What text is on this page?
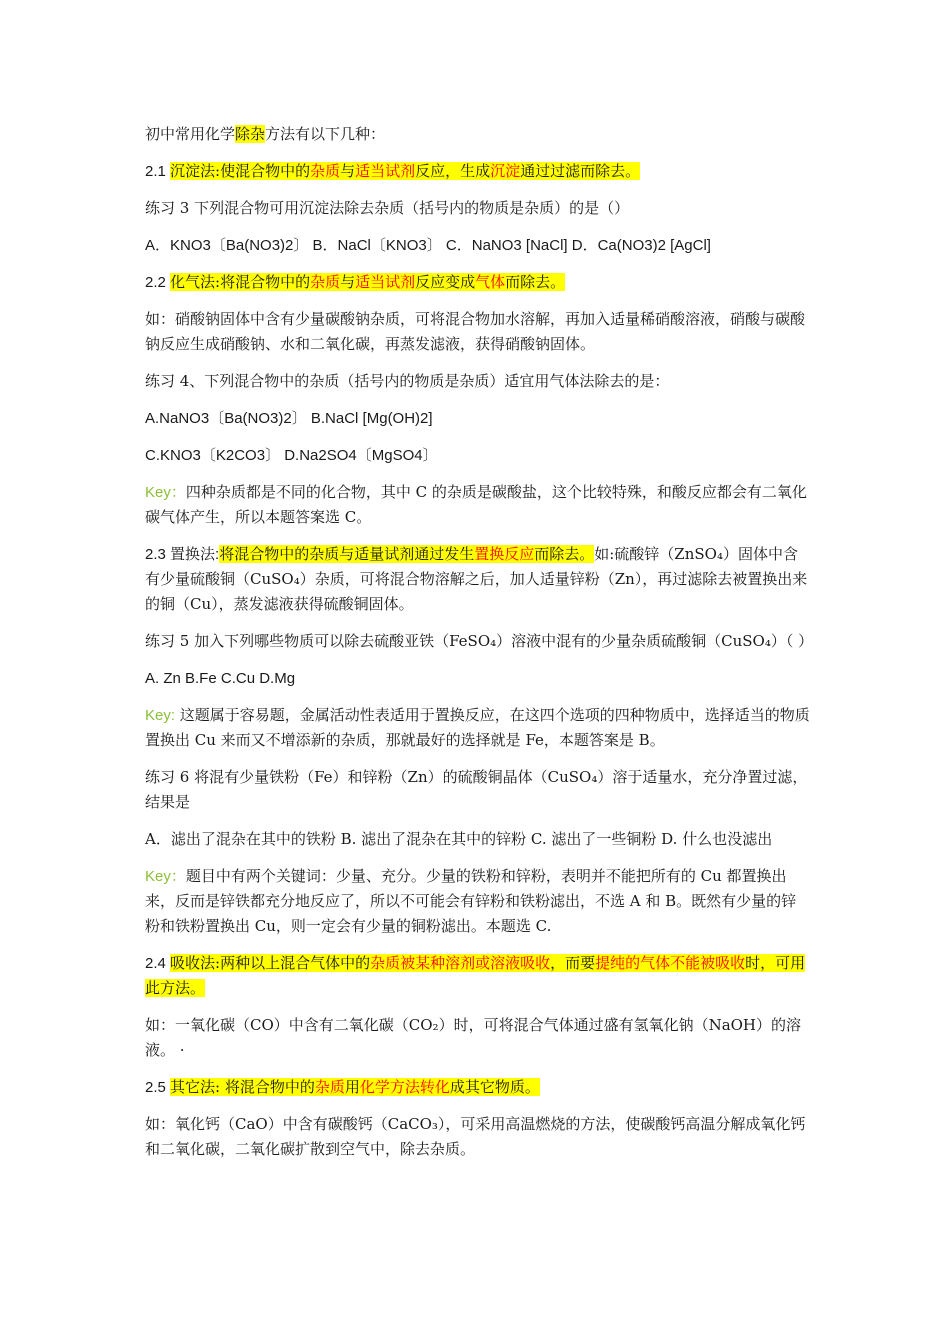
初中常用化学除杂方法有以下几种：

2.1 沉淀法:使混合物中的杂质与适当试剂反应，生成沉淀通过过滤而除去。

练习 3 下列混合物可用沉淀法除去杂质（括号内的物质是杂质）的是（）

A．KNO3〔Ba(NO3)2〕 B．NaCl〔KNO3〕 C．NaNO3 [NaCl] D．Ca(NO3)2 [AgCl]

2.2 化气法:将混合物中的杂质与适当试剂反应变成气体而除去。

如：硝酸钠固体中含有少量碳酸钠杂质，可将混合物加水溶解，再加入适量稀硝酸溶液，硝酸与碳酸钠反应生成硝酸钠、水和二氧化碳，再蒸发滤液，获得硝酸钠固体。

练习 4、下列混合物中的杂质（括号内的物质是杂质）适宜用气体法除去的是：

A.NaNO3〔Ba(NO3)2〕 B.NaCl [Mg(OH)2]

C.KNO3〔K2CO3〕 D.Na2SO4〔MgSO4〕

Key：四种杂质都是不同的化合物，其中 C 的杂质是碳酸盐，这个比较特殊，和酸反应都会有二氧化碳气体产生，所以本题答案选 C。

2.3 置换法:将混合物中的杂质与适量试剂通过发生置换反应而除去。如:硫酸锌（ZnSO₄）固体中含有少量硫酸铜（CuSO₄）杂质，可将混合物溶解之后，加人适量锌粉（Zn），再过滤除去被置换出来的铜（Cu），蒸发滤液获得硫酸铜固体。

练习 5 加入下列哪些物质可以除去硫酸亚铁（FeSO₄）溶液中混有的少量杂质硫酸铜（CuSO₄）（ ）

A. Zn B.Fe C.Cu D.Mg

Key: 这题属于容易题，金属活动性表适用于置换反应，在这四个选项的四种物质中，选择适当的物质置换出 Cu 来而又不增添新的杂质，那就最好的选择就是 Fe，本题答案是 B。

练习 6 将混有少量铁粉（Fe）和锌粉（Zn）的硫酸铜晶体（CuSO₄）溶于适量水，充分净置过滤，结果是

A．滤出了混杂在其中的铁粉 B. 滤出了混杂在其中的锌粉 C. 滤出了一些铜粉 D. 什么也没滤出

Key：题目中有两个关键词：少量、充分。少量的铁粉和锌粉，表明并不能把所有的 Cu 都置换出来，反而是锌铁都充分地反应了，所以不可能会有锌粉和铁粉滤出，不选 A 和 B。既然有少量的锌粉和铁粉置换出 Cu，则一定会有少量的铜粉滤出。本题选 C.

2.4 吸收法:两种以上混合气体中的杂质被某种溶剂或溶液吸收，而要提纯的气体不能被吸收时，可用此方法。

如：一氧化碳（CO）中含有二氧化碳（CO₂）时，可将混合气体通过盛有氢氧化钠（NaOH）的溶液。 ·

2.5 其它法: 将混合物中的杂质用化学方法转化成其它物质。

如：氧化钙（CaO）中含有碳酸钙（CaCO₃），可采用高温燃烧的方法，使碳酸钙高温分解成氧化钙和二氧化碳，二氧化碳扩散到空气中，除去杂质。
